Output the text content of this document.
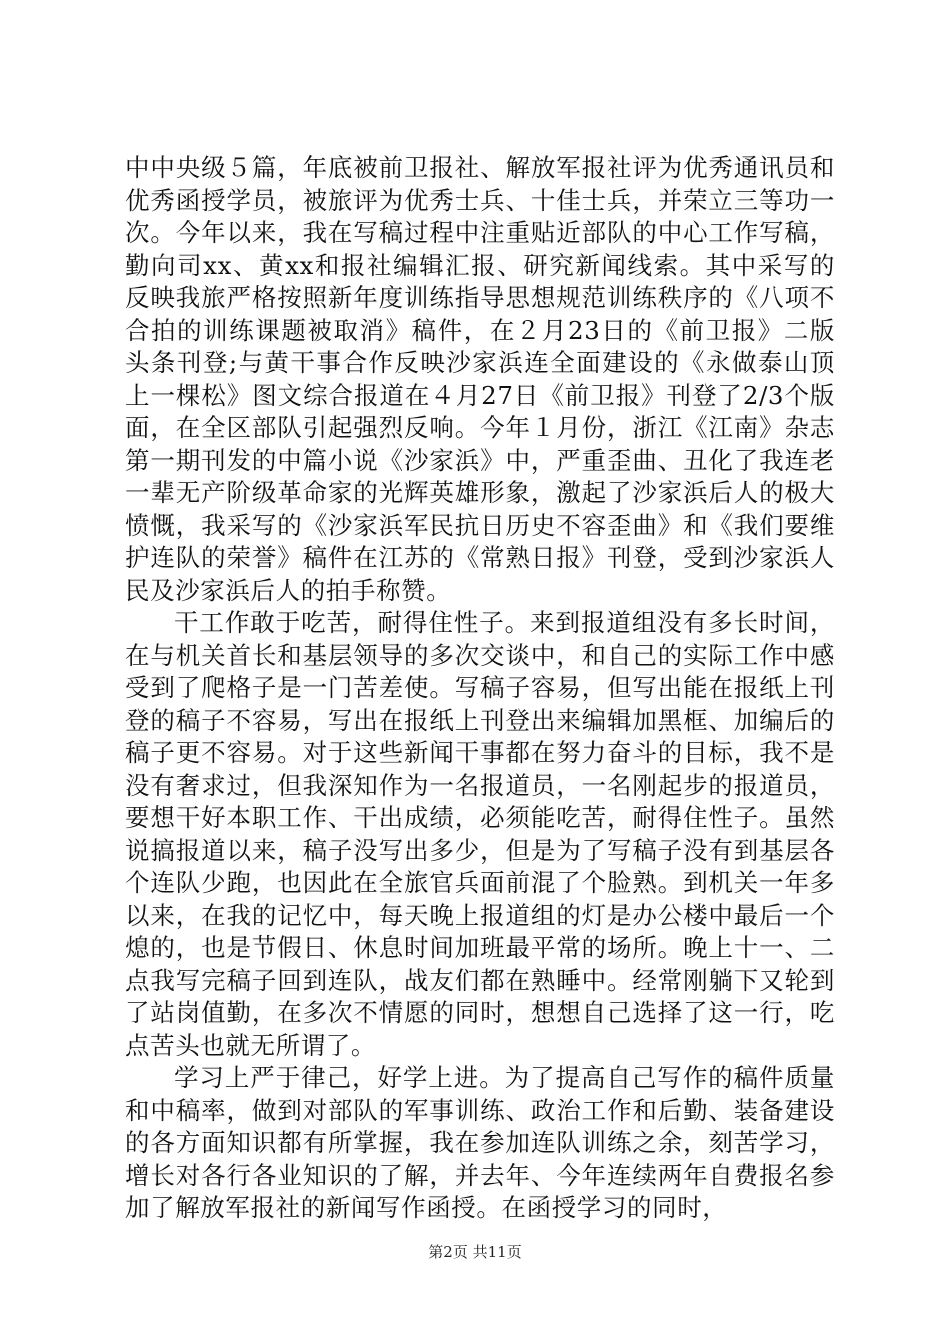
中中央级５篇，年底被前卫报社、解放军报社评为优秀通讯员和优秀函授学员，被旅评为优秀士兵、十佳士兵，并荣立三等功一次。今年以来，我在写稿过程中注重贴近部队的中心工作写稿，勤向司xx、黄xx和报社编辑汇报、研究新闻线索。其中采写的反映我旅严格按照新年度训练指导思想规范训练秩序的《八项不合拍的训练课题被取消》稿件，在２月23日的《前卫报》二版头条刊登;与黄干事合作反映沙家浜连全面建设的《永做泰山顶上一棵松》图文综合报道在４月27日《前卫报》刊登了2/3个版面，在全区部队引起强烈反响。今年１月份，浙江《江南》杂志第一期刊发的中篇小说《沙家浜》中，严重歪曲、丑化了我连老一辈无产阶级革命家的光辉英雄形象，激起了沙家浜后人的极大愤慨，我采写的《沙家浜军民抗日历史不容歪曲》和《我们要维护连队的荣誉》稿件在江苏的《常熟日报》刊登，受到沙家浜人民及沙家浜后人的拍手称赞。

干工作敢于吃苦，耐得住性子。来到报道组没有多长时间，在与机关首长和基层领导的多次交谈中，和自己的实际工作中感受到了爬格子是一门苦差使。写稿子容易，但写出能在报纸上刊登的稿子不容易，写出在报纸上刊登出来编辑加黑框、加编后的稿子更不容易。对于这些新闻干事都在努力奋斗的目标，我不是没有奢求过，但我深知作为一名报道员，一名刚起步的报道员，要想干好本职工作、干出成绩，必须能吃苦，耐得住性子。虽然说搞报道以来，稿子没写出多少，但是为了写稿子没有到基层各个连队少跑，也因此在全旅官兵面前混了个脸熟。到机关一年多以来，在我的记忆中，每天晚上报道组的灯是办公楼中最后一个熄的，也是节假日、休息时间加班最平常的场所。晚上十一、二点我写完稿子回到连队，战友们都在熟睡中。经常刚躺下又轮到了站岗值勤，在多次不情愿的同时，想想自己选择了这一行，吃点苦头也就无所谓了。

学习上严于律己，好学上进。为了提高自己写作的稿件质量和中稿率，做到对部队的军事训练、政治工作和后勤、装备建设的各方面知识都有所掌握，我在参加连队训练之余，刻苦学习，增长对各行各业知识的了解，并去年、今年连续两年自费报名参加了解放军报社的新闻写作函授。在函授学习的同时，

第2页 共11页
